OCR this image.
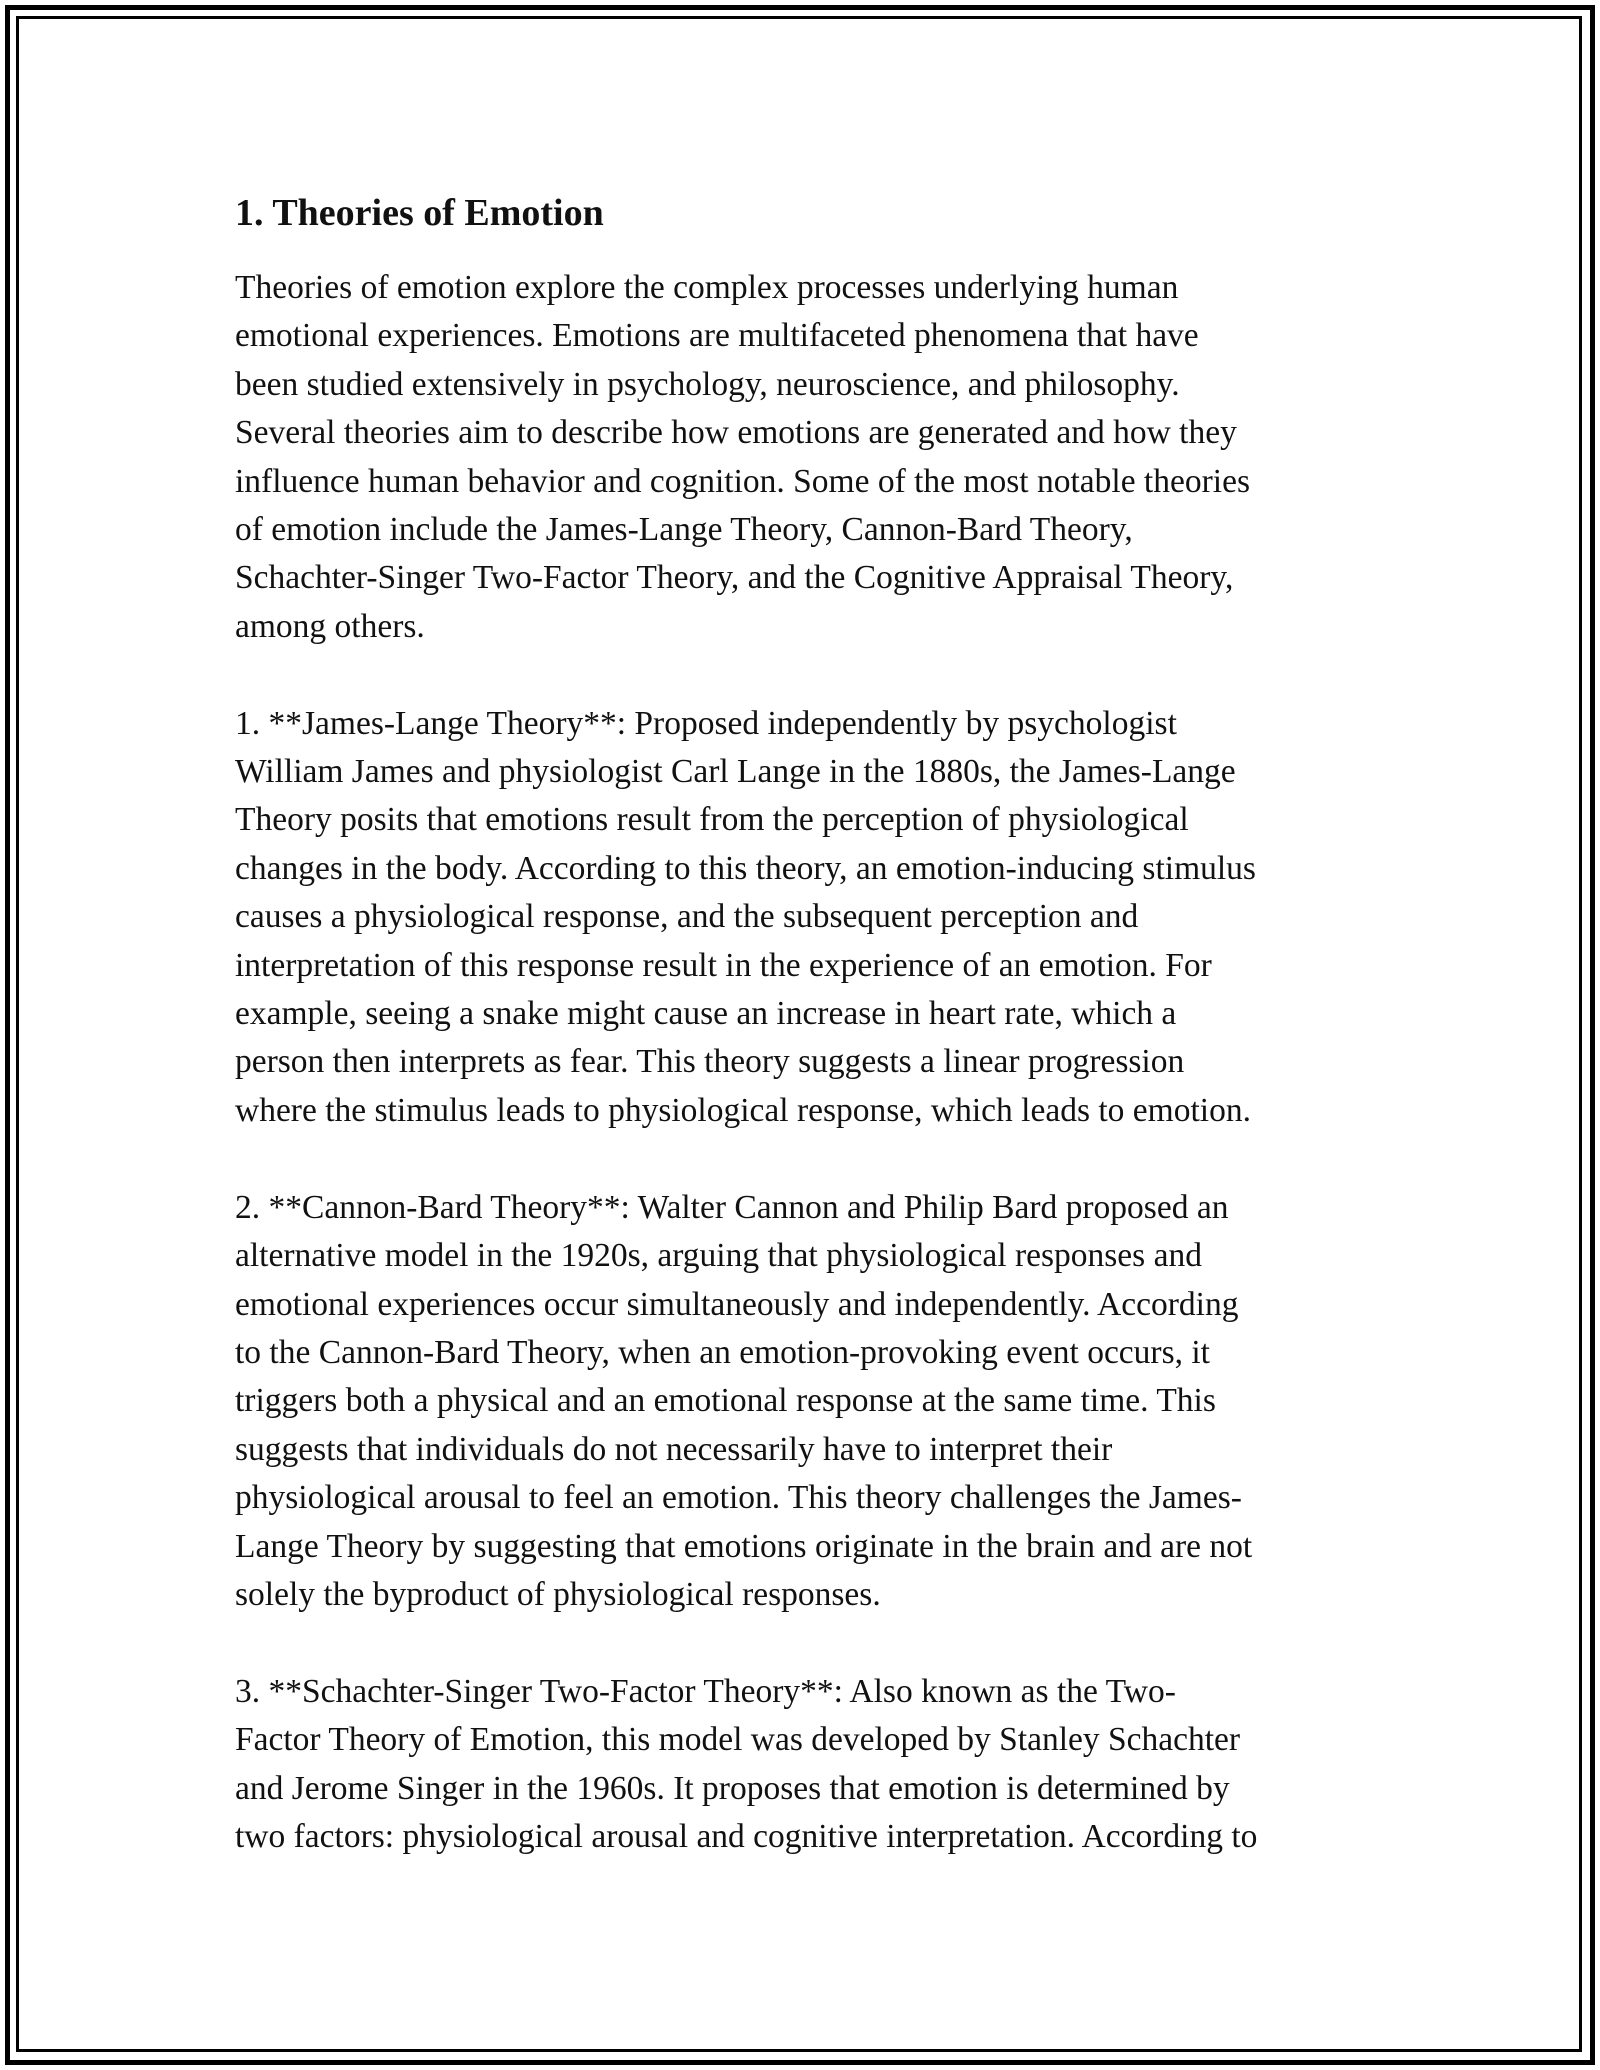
1. Theories of Emotion

Theories of emotion explore the complex processes underlying human
emotional experiences. Emotions are multifaceted phenomena that have
been studied extensively in psychology, neuroscience, and philosophy.
Several theories aim to describe how emotions are generated and how they
influence human behavior and cognition. Some of the most notable theories
of emotion include the James-Lange Theory, Cannon-Bard Theory,
Schachter-Singer Two-Factor Theory, and the Cognitive Appraisal Theory,
among others.

1. **James-Lange Theory**: Proposed independently by psychologist
William James and physiologist Carl Lange in the 1880s, the James-Lange
Theory posits that emotions result from the perception of physiological
changes in the body. According to this theory, an emotion-inducing stimulus
causes a physiological response, and the subsequent perception and
interpretation of this response result in the experience of an emotion. For
example, seeing a snake might cause an increase in heart rate, which a
person then interprets as fear. This theory suggests a linear progression
where the stimulus leads to physiological response, which leads to emotion.

2. **Cannon-Bard Theory**: Walter Cannon and Philip Bard proposed an
alternative model in the 1920s, arguing that physiological responses and
emotional experiences occur simultaneously and independently. According
to the Cannon-Bard Theory, when an emotion-provoking event occurs, it
triggers both a physical and an emotional response at the same time. This
suggests that individuals do not necessarily have to interpret their
physiological arousal to feel an emotion. This theory challenges the James-
Lange Theory by suggesting that emotions originate in the brain and are not
solely the byproduct of physiological responses.

3. **Schachter-Singer Two-Factor Theory**: Also known as the Two-
Factor Theory of Emotion, this model was developed by Stanley Schachter
and Jerome Singer in the 1960s. It proposes that emotion is determined by
two factors: physiological arousal and cognitive interpretation. According to
